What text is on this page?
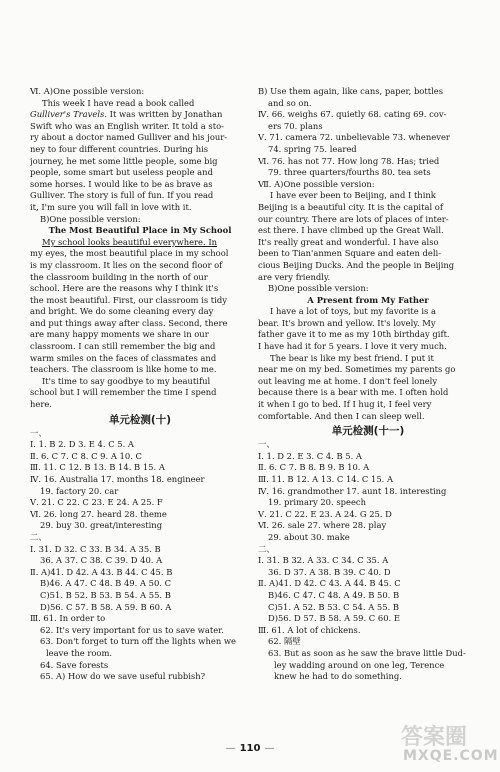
Ⅵ. A)One possible version:
This week I have read a book called
Gulliver's Travels. It was written by Jonathan
Swift who was an English writer. It told a sto-
ry about a doctor named Gulliver and his jour-
ney to four different countries. During his
journey, he met some little people, some big
people, some smart but useless people and
some horses. I would like to be as brave as
Gulliver. The story is full of fun. If you read
it, I'm sure you will fall in love with it.
B)One possible version:
The Most Beautiful Place in My School
My school looks beautiful everywhere. In
my eyes, the most beautiful place in my school
is my classroom. It lies on the second floor of
the classroom building in the north of our
school. Here are the reasons why I think it's
the most beautiful. First, our classroom is tidy
and bright. We do some cleaning every day
and put things away after class. Second, there
are many happy moments we share in our
classroom. I can still remember the big and
warm smiles on the faces of classmates and
teachers. The classroom is like home to me.
It's time to say goodbye to my beautiful
school but I will remember the time I spend
here.
单元检测(十)
一、
Ⅰ. 1. B 2. D 3. E 4. C 5. A
Ⅱ. 6. C 7. C 8. C 9. A 10. C
Ⅲ. 11. C 12. B 13. B 14. B 15. A
Ⅳ. 16. Australia 17. months 18. engineer
19. factory 20. car
Ⅴ. 21. C 22. C 23. E 24. A 25. F
Ⅵ. 26. long 27. heard 28. theme
29. buy 30. great/interesting
二、
Ⅰ. 31. D 32. C 33. B 34. A 35. B
36. A 37. C 38. C 39. D 40. A
Ⅱ. A)41. D 42. A 43. B 44. C 45. B
B)46. A 47. C 48. B 49. A 50. C
C)51. B 52. B 53. B 54. A 55. B
D)56. C 57. B 58. A 59. B 60. A
Ⅲ. 61. In order to
62. It's very important for us to save water.
63. Don't forget to turn off the lights when we
leave the room.
64. Save forests
65. A) How do we save useful rubbish?
B) Use them again, like cans, paper, bottles
and so on.
Ⅳ. 66. weighs 67. quietly 68. cating 69. cov-
ers 70. plans
Ⅴ. 71. camera 72. unbelievable 73. whenever
74. spring 75. leared
Ⅵ. 76. has not 77. How long 78. Has; tried
79. three quarters/fourths 80. tea sets
Ⅶ. A)One possible version:
I have ever been to Beijing, and I think
Beijing is a beautiful city. It is the capital of
our country. There are lots of places of inter-
est there. I have climbed up the Great Wall.
It's really great and wonderful. I have also
been to Tian'anmen Square and eaten deli-
cious Beijing Ducks. And the people in Beijing
are very friendly.
B)One possible version:
A Present from My Father
I have a lot of toys, but my favorite is a
bear. It's brown and yellow. It's lovely. My
father gave it to me as my 10th birthday gift.
I have had it for 5 years. I love it very much.
The bear is like my best friend. I put it
near me on my bed. Sometimes my parents go
out leaving me at home. I don't feel lonely
because there is a bear with me. I often hold
it when I go to bed. If I hug it, I feel very
comfortable. And then I can sleep well.
单元检测(十一)
一、
Ⅰ. 1. D 2. E 3. C 4. B 5. A
Ⅱ. 6. C 7. B 8. B 9. B 10. A
Ⅲ. 11. B 12. A 13. C 14. C 15. A
Ⅳ. 16. grandmother 17. aunt 18. interesting
19. primary 20. speech
Ⅴ. 21. C 22. E 23. A 24. G 25. D
Ⅵ. 26. sale 27. where 28. play
29. about 30. make
二、
Ⅰ. 31. B 32. A 33. C 34. C 35. A
36. D 37. A 38. B 39. C 40. D
Ⅱ. A)41. D 42. C 43. A 44. B 45. C
B)46. C 47. C 48. A 49. B 50. B
C)51. A 52. B 53. C 54. A 55. B
D)56. D 57. B 58. A 59. C 60. E
Ⅲ. 61. A lot of chickens.
62. 隔壁
63. But as soon as he saw the brave little Dud-
ley wadding around on one leg, Terence
knew he had to do something.
— 110 —	答案圈
MXQE.COM
